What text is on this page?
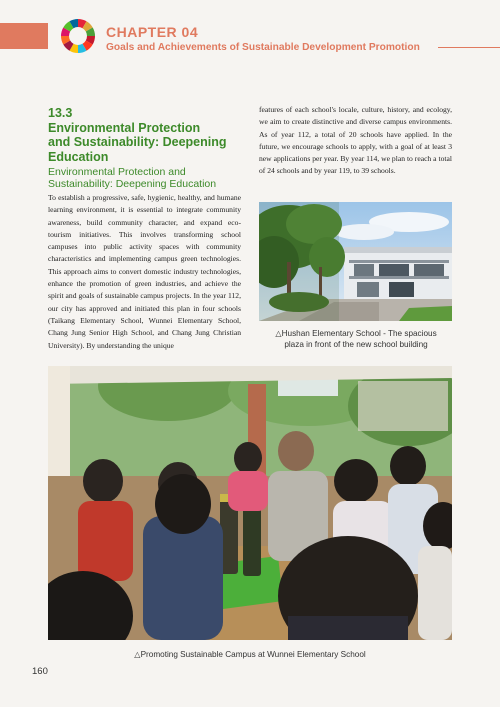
CHAPTER 04
Goals and Achievements of Sustainable Development Promotion
13.3
Environmental Protection
and Sustainability: Deepening
Education
Environmental Protection and
Sustainability: Deepening Education
To establish a progressive, safe, hygienic, healthy, and humane learning environment, it is essential to integrate community awareness, build community character, and expand eco-tourism initiatives. This involves transforming school campuses into public activity spaces with community characteristics and implementing campus green technologies. This approach aims to convert domestic industry technologies, enhance the promotion of green industries, and achieve the spirit and goals of sustainable campus projects. In the year 112, our city has approved and initiated this plan in four schools (Taikang Elementary School, Wunnei Elementary School, Chang Jung Senior High School, and Chang Jung Christian University). By understanding the unique
features of each school's locale, culture, history, and ecology, we aim to create distinctive and diverse campus environments. As of year 112, a total of 20 schools have applied. In the future, we encourage schools to apply, with a goal of at least 3 new applications per year. By year 114, we plan to reach a total of 24 schools and by year 119, to 39 schools.
△Hushan Elementary School - The spacious plaza in front of the new school building
△Promoting Sustainable Campus at Wunnei Elementary School
160
